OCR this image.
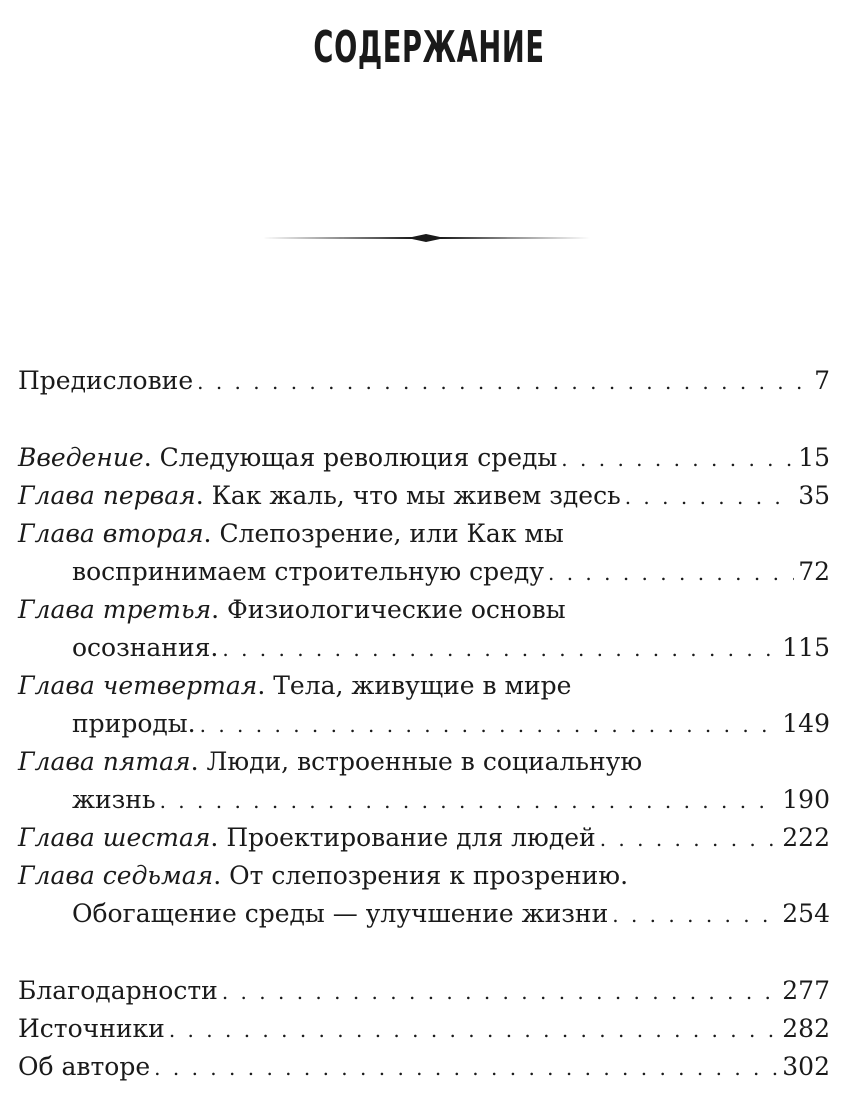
СОДЕРЖАНИЕ
Предисловие . . .	7
Введение . Следующая революция среды . . .	15
Глава первая . Как жаль, что мы живем здесь . . .	35
Глава вторая . Слепозрение, или Как мы
воспринимаем строительную среду . . .	72
Глава третья . Физиологические основы
осознания. . . .	115
Глава четвертая . Тела, живущие в мире
природы. . . .	149
Глава пятая . Люди, встроенные в социальную
жизнь . . .	190
Глава шестая . Проектирование для людей . . .	222
Глава седьмая . От слепозрения к прозрению.
Обогащение среды — улучшение жизни . . .	254
Благодарности . . .	277
Источники . . .	282
Об авторе . . .	302
